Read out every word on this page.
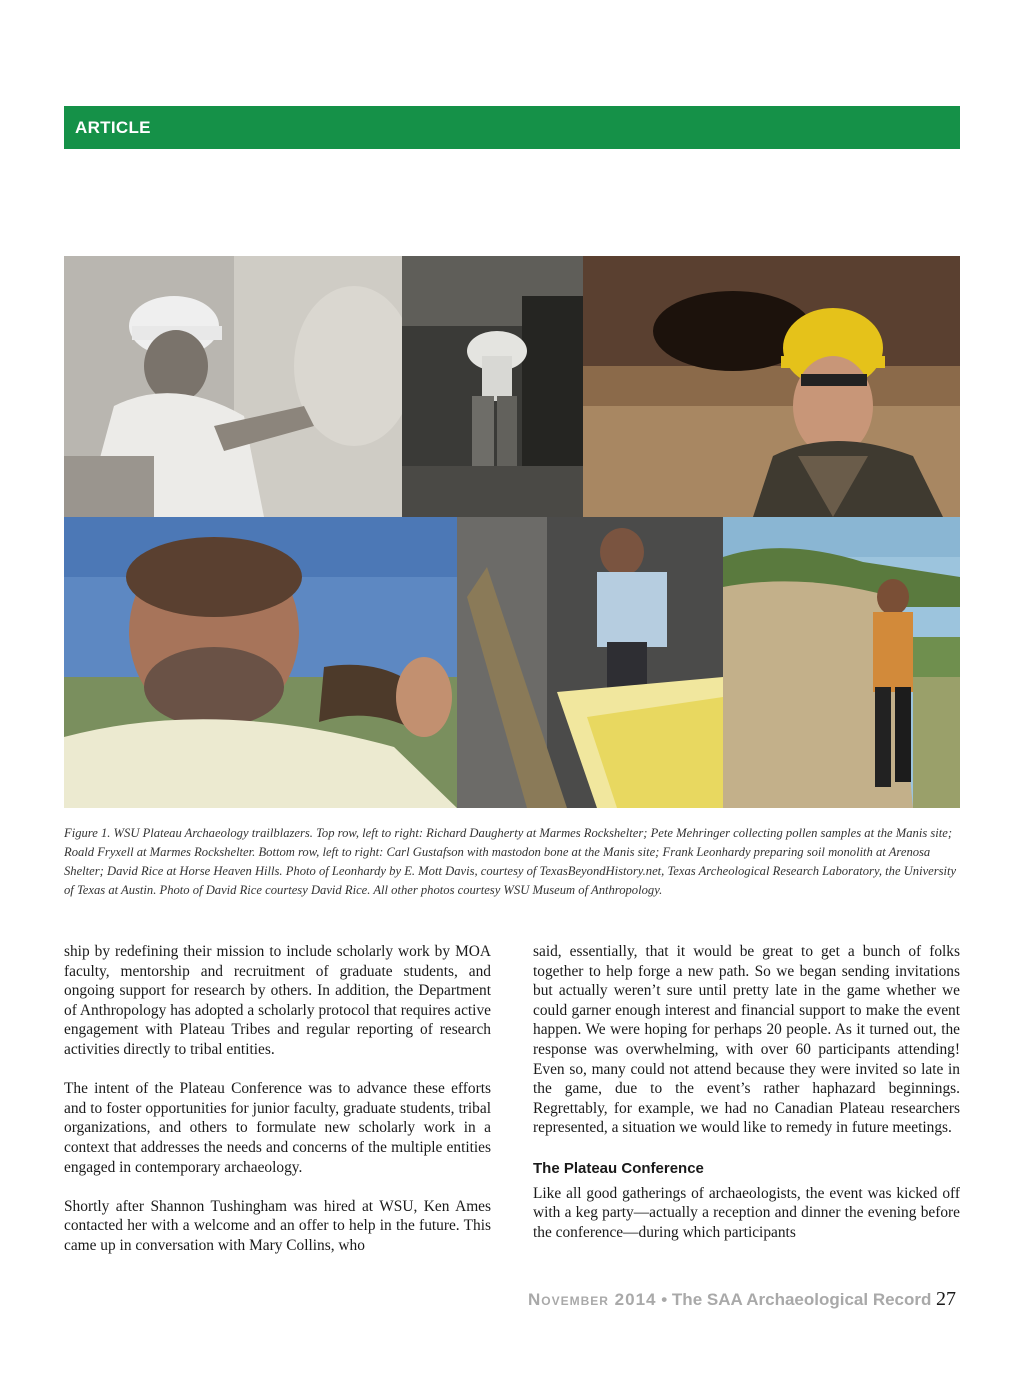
ARTICLE
Figure 1. WSU Plateau Archaeology trailblazers. Top row, left to right: Richard Daugherty at Marmes Rockshelter; Pete Mehringer collecting pollen samples at the Manis site; Roald Fryxell at Marmes Rockshelter. Bottom row, left to right: Carl Gustafson with mastodon bone at the Manis site; Frank Leonhardy preparing soil monolith at Arenosa Shelter; David Rice at Horse Heaven Hills. Photo of Leonhardy by E. Mott Davis, courtesy of TexasBeyondHistory.net, Texas Archeological Research Laboratory, the University of Texas at Austin. Photo of David Rice courtesy David Rice. All other photos courtesy WSU Museum of Anthropology.

ship by redefining their mission to include scholarly work by MOA faculty, mentorship and recruitment of graduate students, and ongoing support for research by others. In addition, the Department of Anthropology has adopted a scholarly protocol that requires active engagement with Plateau Tribes and regular reporting of research activities directly to tribal entities.

The intent of the Plateau Conference was to advance these efforts and to foster opportunities for junior faculty, graduate students, tribal organizations, and others to formulate new scholarly work in a context that addresses the needs and concerns of the multiple entities engaged in contemporary archaeology.

Shortly after Shannon Tushingham was hired at WSU, Ken Ames contacted her with a welcome and an offer to help in the future. This came up in conversation with Mary Collins, who

said, essentially, that it would be great to get a bunch of folks together to help forge a new path. So we began sending invitations but actually weren’t sure until pretty late in the game whether we could garner enough interest and financial support to make the event happen. We were hoping for perhaps 20 people. As it turned out, the response was overwhelming, with over 60 participants attending! Even so, many could not attend because they were invited so late in the game, due to the event’s rather haphazard beginnings. Regrettably, for example, we had no Canadian Plateau researchers represented, a situation we would like to remedy in future meetings.

The Plateau Conference

Like all good gatherings of archaeologists, the event was kicked off with a keg party—actually a reception and dinner the evening before the conference—during which participants

November 2014 • The SAA Archaeological Record 27
